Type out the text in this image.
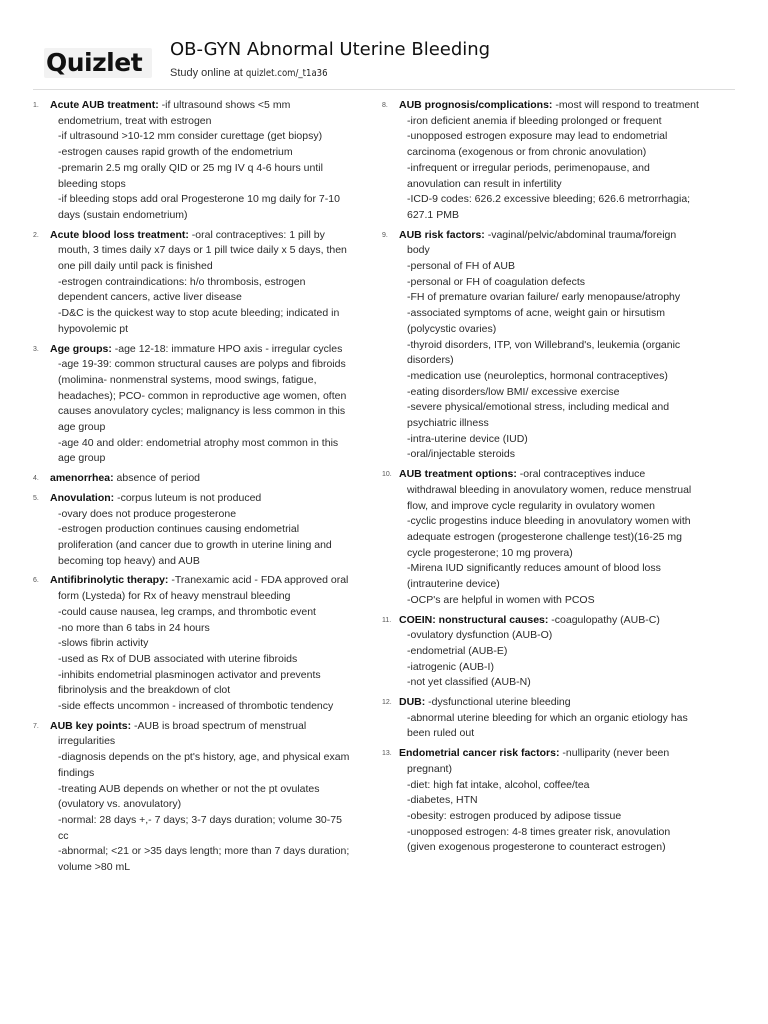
Quizlet OB-GYN Abnormal Uterine Bleeding
Study online at quizlet.com/_t1a36
1. Acute AUB treatment: -if ultrasound shows <5 mm
endometrium, treat with estrogen
-if ultrasound >10-12 mm consider curettage (get biopsy)
-estrogen causes rapid growth of the endometrium
-premarin 2.5 mg orally QID or 25 mg IV q 4-6 hours until
bleeding stops
-if bleeding stops add oral Progesterone 10 mg daily for 7-10
days (sustain endometrium)
2. Acute blood loss treatment: -oral contraceptives: 1 pill by
mouth, 3 times daily x7 days or 1 pill twice daily x 5 days, then
one pill daily until pack is finished
-estrogen contraindications: h/o thrombosis, estrogen
dependent cancers, active liver disease
-D&C is the quickest way to stop acute bleeding; indicated in
hypovolemic pt
3. Age groups: -age 12-18: immature HPO axis - irregular cycles
-age 19-39: common structural causes are polyps and fibroids
(molimina- nonmenstral systems, mood swings, fatigue,
headaches); PCO- common in reproductive age women, often
causes anovulatory cycles; malignancy is less common in this
age group
-age 40 and older: endometrial atrophy most common in this
age group
4. amenorrhea: absence of period
5. Anovulation: -corpus luteum is not produced
-ovary does not produce progesterone
-estrogen production continues causing endometrial
proliferation (and cancer due to growth in uterine lining and
becoming top heavy) and AUB
6. Antifibrinolytic therapy: -Tranexamic acid - FDA approved oral
form (Lysteda) for Rx of heavy menstraul bleeding
-could cause nausea, leg cramps, and thrombotic event
-no more than 6 tabs in 24 hours
-slows fibrin activity
-used as Rx of DUB associated with uterine fibroids
-inhibits endometrial plasminogen activator and prevents
fibrinolysis and the breakdown of clot
-side effects uncommon - increased of thrombotic tendency
7. AUB key points: -AUB is broad spectrum of menstrual
irregularities
-diagnosis depends on the pt's history, age, and physical exam
findings
-treating AUB depends on whether or not the pt ovulates
(ovulatory vs. anovulatory)
-normal: 28 days +,- 7 days; 3-7 days duration; volume 30-75
cc
-abnormal; <21 or >35 days length; more than 7 days duration;
volume >80 mL
8. AUB prognosis/complications: -most will respond to treatment
-iron deficient anemia if bleeding prolonged or frequent
-unopposed estrogen exposure may lead to endometrial
carcinoma (exogenous or from chronic anovulation)
-infrequent or irregular periods, perimenopause, and
anovulation can result in infertility
-ICD-9 codes: 626.2 excessive bleeding; 626.6 metrorrhagia;
627.1 PMB
9. AUB risk factors: -vaginal/pelvic/abdominal trauma/foreign
body
-personal of FH of AUB
-personal or FH of coagulation defects
-FH of premature ovarian failure/ early menopause/atrophy
-associated symptoms of acne, weight gain or hirsutism
(polycystic ovaries)
-thyroid disorders, ITP, von Willebrand's, leukemia (organic
disorders)
-medication use (neuroleptics, hormonal contraceptives)
-eating disorders/low BMI/ excessive exercise
-severe physical/emotional stress, including medical and
psychiatric illness
-intra-uterine device (IUD)
-oral/injectable steroids
10. AUB treatment options: -oral contraceptives induce
withdrawal bleeding in anovulatory women, reduce menstrual
flow, and improve cycle regularity in ovulatory women
-cyclic progestins induce bleeding in anovulatory women with
adequate estrogen (progesterone challenge test)(16-25 mg
cycle progesterone; 10 mg provera)
-Mirena IUD significantly reduces amount of blood loss
(intrauterine device)
-OCP's are helpful in women with PCOS
11. COEIN: nonstructural causes: -coagulopathy (AUB-C)
-ovulatory dysfunction (AUB-O)
-endometrial (AUB-E)
-iatrogenic (AUB-I)
-not yet classified (AUB-N)
12. DUB: -dysfunctional uterine bleeding
-abnormal uterine bleeding for which an organic etiology has
been ruled out
13. Endometrial cancer risk factors: -nulliparity (never been
pregnant)
-diet: high fat intake, alcohol, coffee/tea
-diabetes, HTN
-obesity: estrogen produced by adipose tissue
-unopposed estrogen: 4-8 times greater risk, anovulation
(given exogenous progesterone to counteract estrogen)
